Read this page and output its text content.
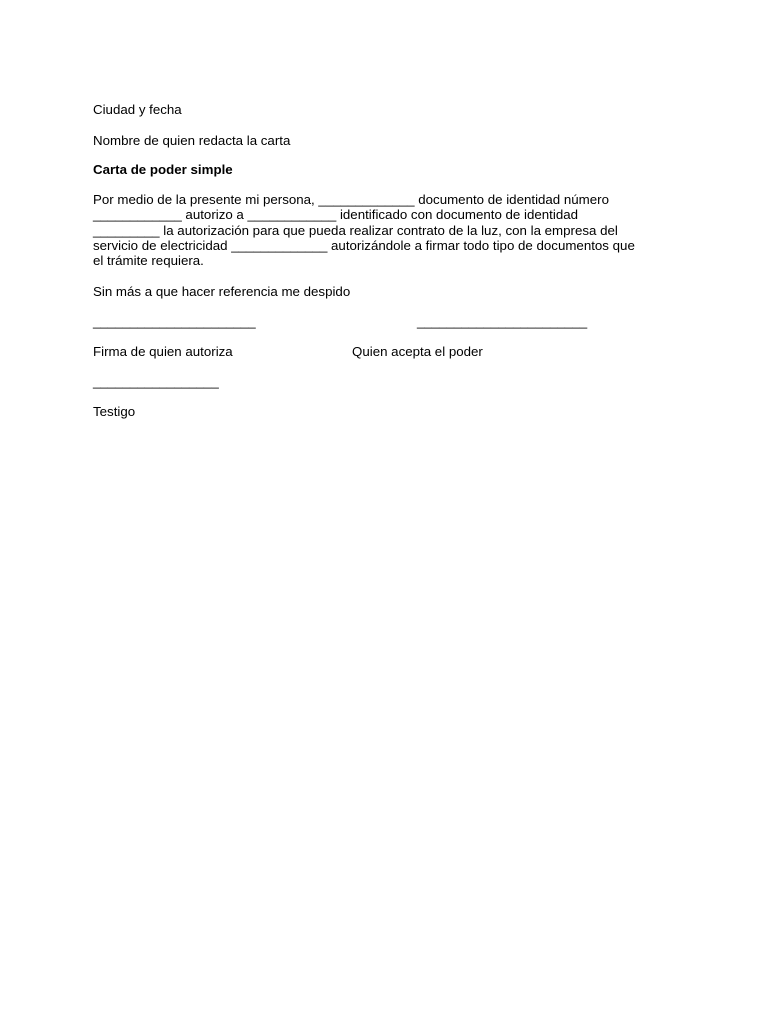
Ciudad y fecha
Nombre de quien redacta la carta
Carta de poder simple
Por medio de la presente mi persona, _____________ documento de identidad número
____________ autorizo a ____________ identificado con documento de identidad
_________ la autorización para que pueda realizar contrato de la luz, con la empresa del
servicio de electricidad _____________ autorizándole a firmar todo tipo de documentos que
el trámite requiera.
Sin más a que hacer referencia me despido
______________________	_______________________
Firma de quien autoriza	Quien acepta el poder
_________________
Testigo
